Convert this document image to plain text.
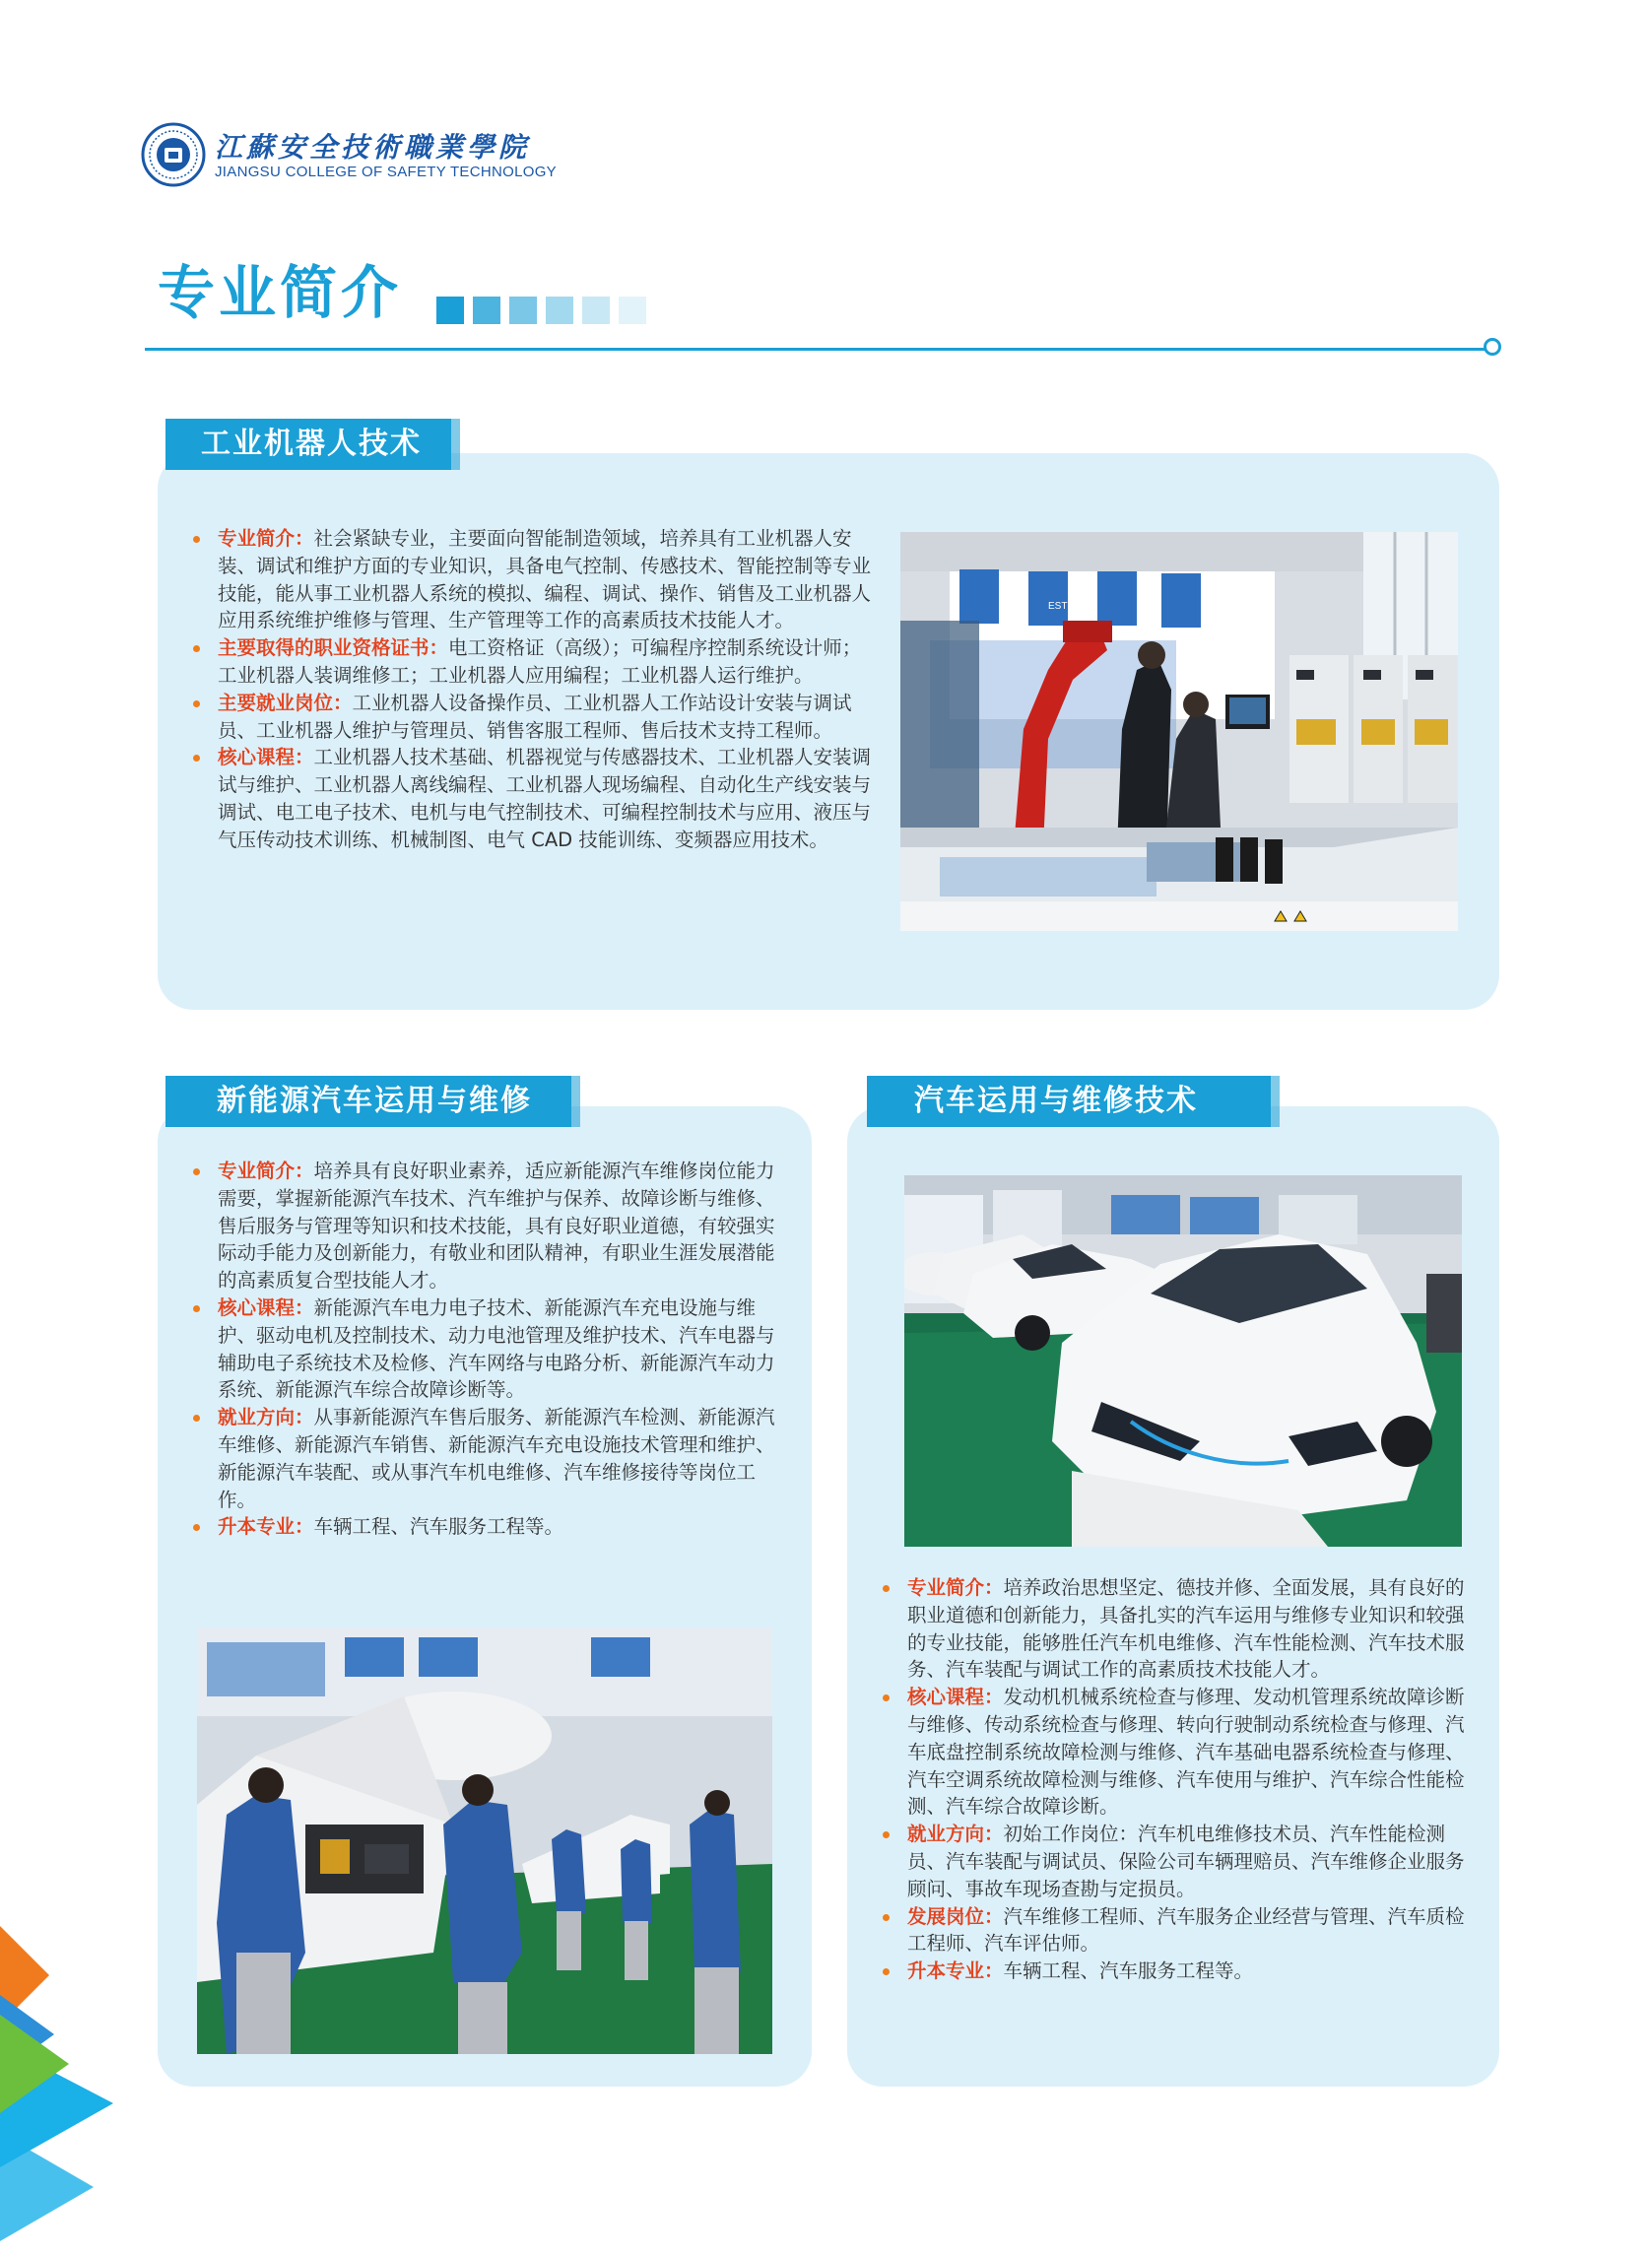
江蘇安全技術職業學院
JIANGSU COLLEGE OF SAFETY TECHNOLOGY
专业简介
工业机器人技术
专业简介：社会紧缺专业，主要面向智能制造领域，培养具有工业机器人安装、调试和维护方面的专业知识，具备电气控制、传感技术、智能控制等专业技能，能从事工业机器人系统的模拟、编程、调试、操作、销售及工业机器人应用系统维护维修与管理、生产管理等工作的高素质技术技能人才。
主要取得的职业资格证书：电工资格证（高级）；可编程序控制系统设计师；工业机器人装调维修工；工业机器人应用编程；工业机器人运行维护。
主要就业岗位：工业机器人设备操作员、工业机器人工作站设计安装与调试员、工业机器人维护与管理员、销售客服工程师、售后技术支持工程师。
核心课程：工业机器人技术基础、机器视觉与传感器技术、工业机器人安装调试与维护、工业机器人离线编程、工业机器人现场编程、自动化生产线安装与调试、电工电子技术、电机与电气控制技术、可编程控制技术与应用、液压与气压传动技术训练、机械制图、电气 CAD 技能训练、变频器应用技术。
ESTUN
新能源汽车运用与维修
专业简介：培养具有良好职业素养，适应新能源汽车维修岗位能力需要，掌握新能源汽车技术、汽车维护与保养、故障诊断与维修、售后服务与管理等知识和技术技能，具有良好职业道德，有较强实际动手能力及创新能力，有敬业和团队精神，有职业生涯发展潜能的高素质复合型技能人才。
核心课程：新能源汽车电力电子技术、新能源汽车充电设施与维护、驱动电机及控制技术、动力电池管理及维护技术、汽车电器与辅助电子系统技术及检修、汽车网络与电路分析、新能源汽车动力系统、新能源汽车综合故障诊断等。
就业方向：从事新能源汽车售后服务、新能源汽车检测、新能源汽车维修、新能源汽车销售、新能源汽车充电设施技术管理和维护、新能源汽车装配、或从事汽车机电维修、汽车维修接待等岗位工作。
升本专业：车辆工程、汽车服务工程等。
汽车运用与维修技术
专业简介：培养政治思想坚定、德技并修、全面发展，具有良好的职业道德和创新能力，具备扎实的汽车运用与维修专业知识和较强的专业技能，能够胜任汽车机电维修、汽车性能检测、汽车技术服务、汽车装配与调试工作的高素质技术技能人才。
核心课程：发动机机械系统检查与修理、发动机管理系统故障诊断与维修、传动系统检查与修理、转向行驶制动系统检查与修理、汽车底盘控制系统故障检测与维修、汽车基础电器系统检查与修理、汽车空调系统故障检测与维修、汽车使用与维护、汽车综合性能检测、汽车综合故障诊断。
就业方向：初始工作岗位：汽车机电维修技术员、汽车性能检测员、汽车装配与调试员、保险公司车辆理赔员、汽车维修企业服务顾问、事故车现场查勘与定损员。
发展岗位：汽车维修工程师、汽车服务企业经营与管理、汽车质检工程师、汽车评估师。
升本专业：车辆工程、汽车服务工程等。
